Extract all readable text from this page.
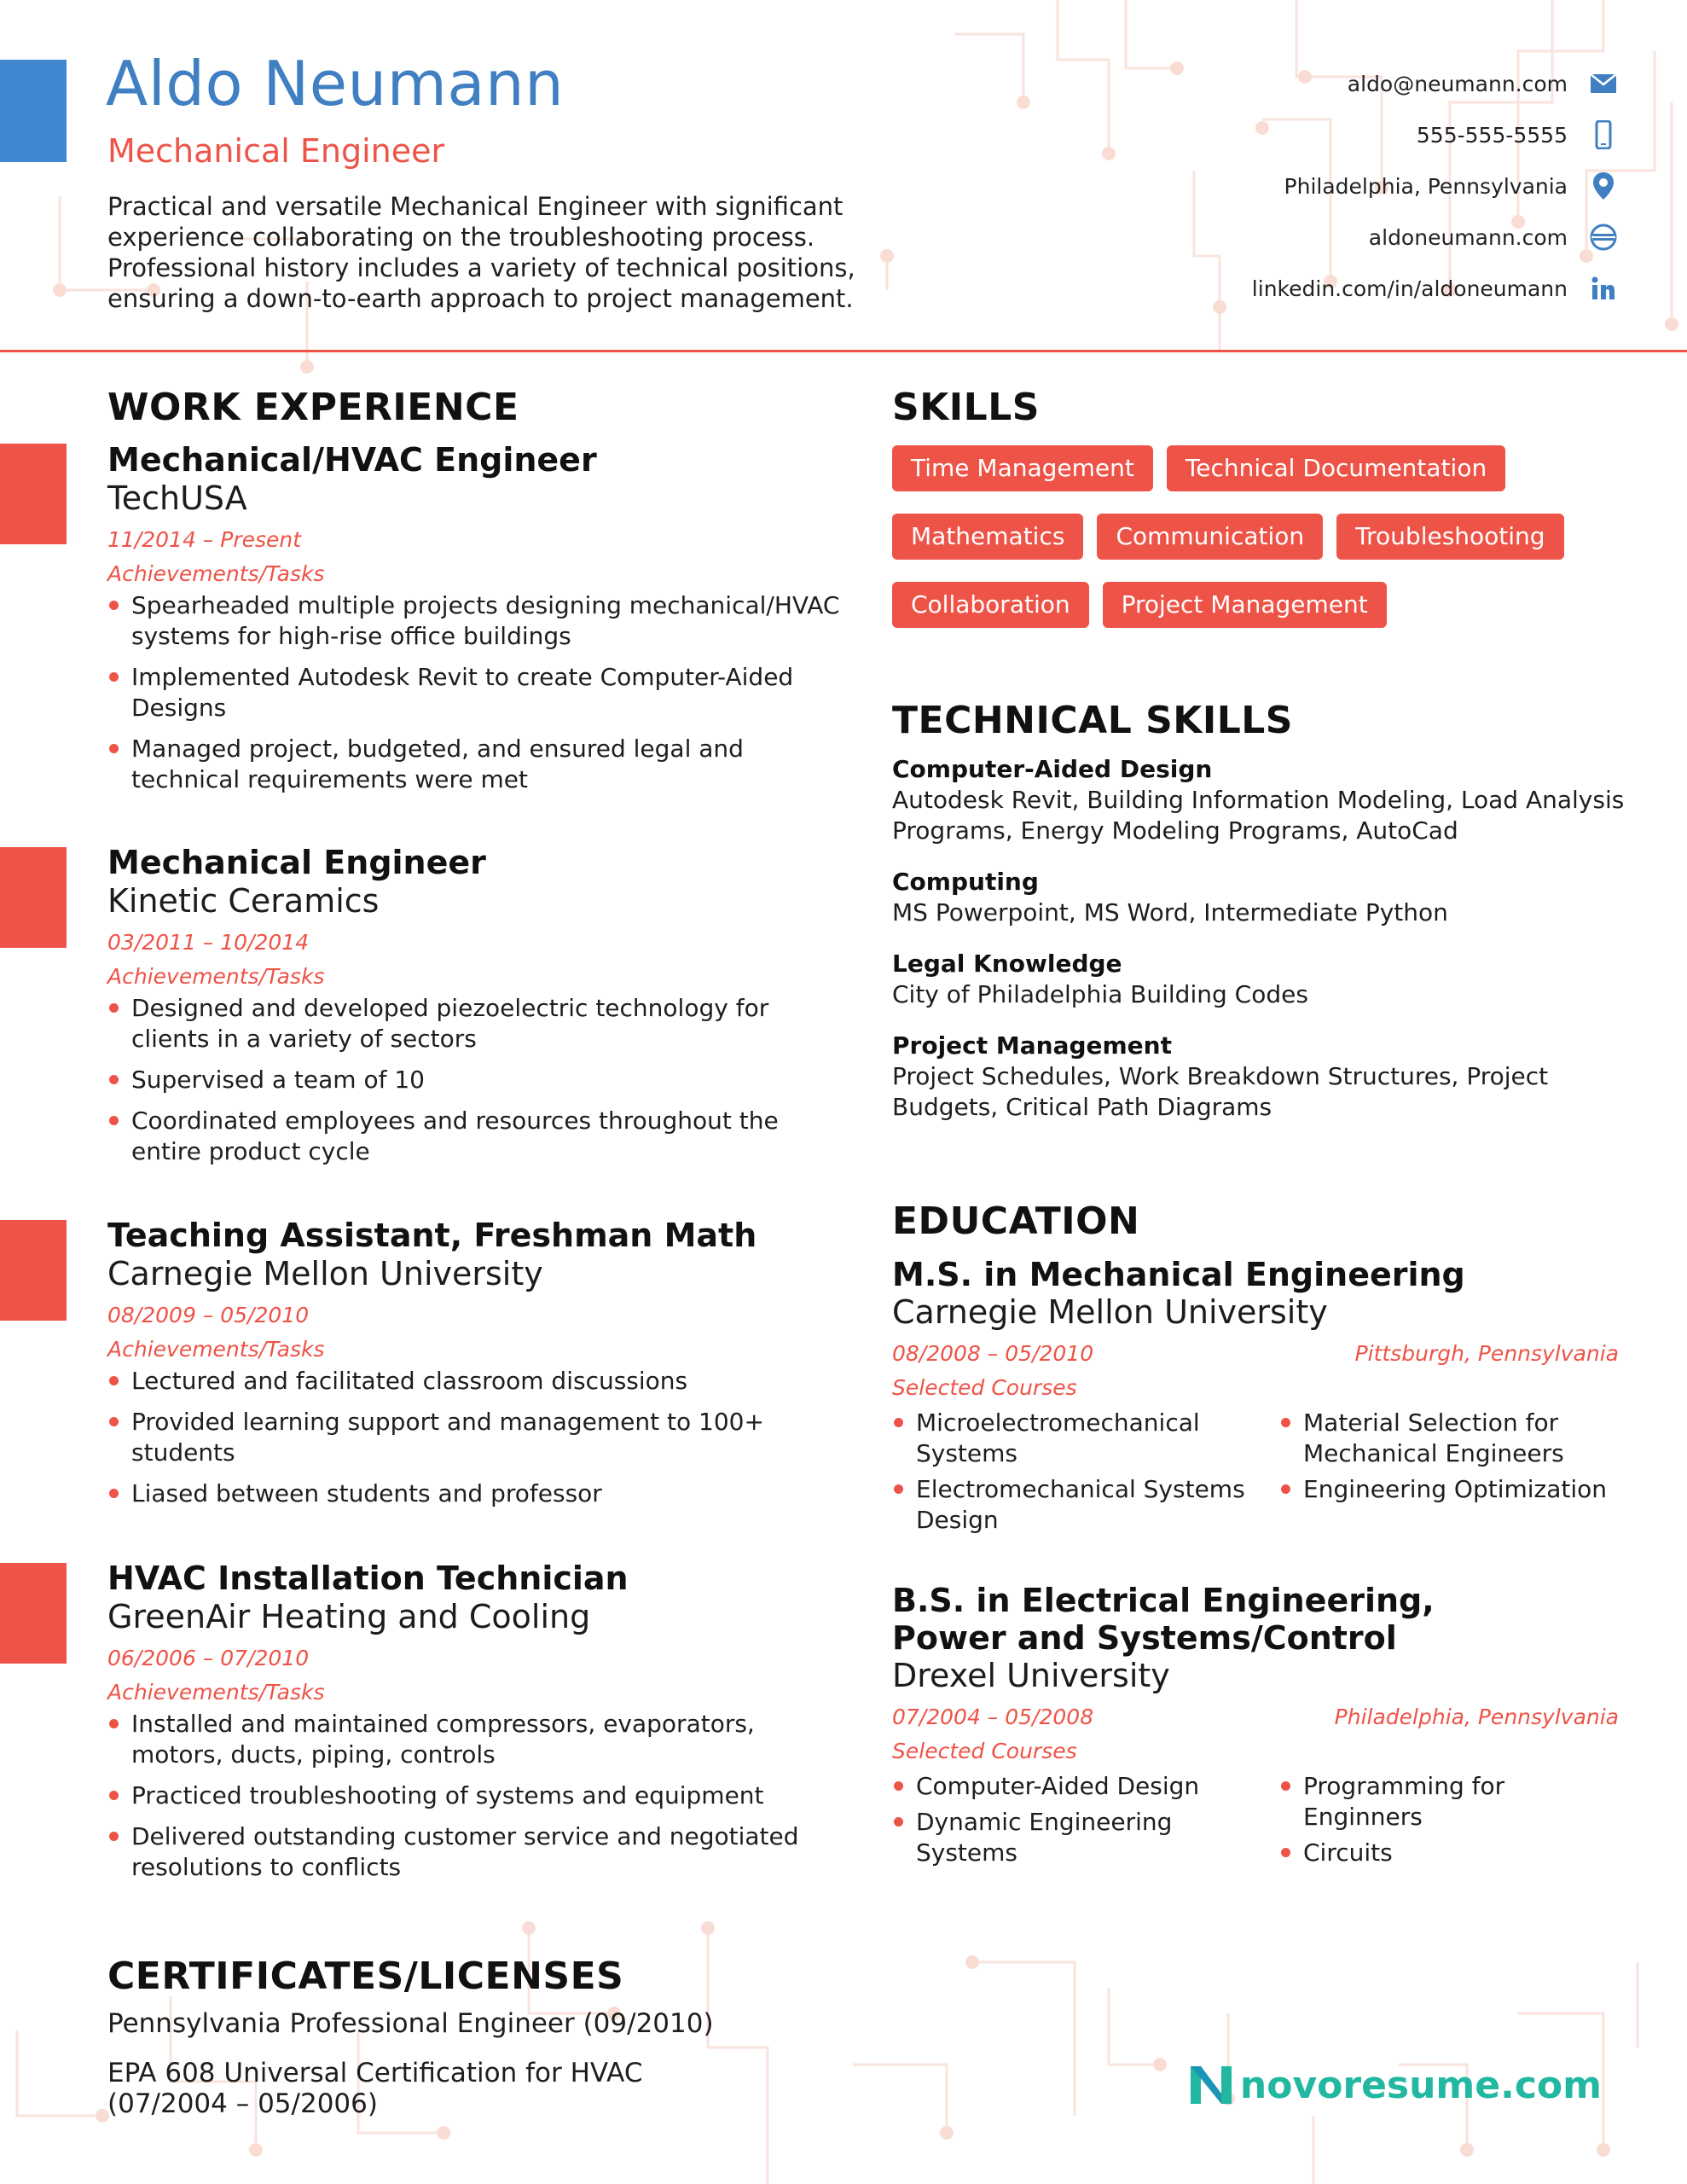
Aldo Neumann
Mechanical Engineer
Practical and versatile Mechanical Engineer with significant experience collaborating on the troubleshooting process. Professional history includes a variety of technical positions, ensuring a down-to-earth approach to project management.
aldo@neumann.com
555-555-5555
Philadelphia, Pennsylvania
aldoneumann.com
linkedin.com/in/aldoneumann
WORK EXPERIENCE
Mechanical/HVAC Engineer
TechUSA
11/2014 – Present
Achievements/Tasks
Spearheaded multiple projects designing mechanical/HVAC systems for high-rise office buildings
Implemented Autodesk Revit to create Computer-Aided Designs
Managed project, budgeted, and ensured legal and technical requirements were met
Mechanical Engineer
Kinetic Ceramics
03/2011 – 10/2014
Achievements/Tasks
Designed and developed piezoelectric technology for clients in a variety of sectors
Supervised a team of 10
Coordinated employees and resources throughout the entire product cycle
Teaching Assistant, Freshman Math
Carnegie Mellon University
08/2009 – 05/2010
Achievements/Tasks
Lectured and facilitated classroom discussions
Provided learning support and management to 100+ students
Liased between students and professor
HVAC Installation Technician
GreenAir Heating and Cooling
06/2006 – 07/2010
Achievements/Tasks
Installed and maintained compressors, evaporators, motors, ducts, piping, controls
Practiced troubleshooting of systems and equipment
Delivered outstanding customer service and negotiated resolutions to conflicts
SKILLS
Time Management	Technical Documentation
Mathematics	Communication	Troubleshooting
Collaboration	Project Management
TECHNICAL SKILLS
Computer-Aided Design
Autodesk Revit, Building Information Modeling, Load Analysis Programs, Energy Modeling Programs, AutoCad
Computing
MS Powerpoint, MS Word, Intermediate Python
Legal Knowledge
City of Philadelphia Building Codes
Project Management
Project Schedules, Work Breakdown Structures, Project Budgets, Critical Path Diagrams
EDUCATION
M.S. in Mechanical Engineering
Carnegie Mellon University
08/2008 – 05/2010	Pittsburgh, Pennsylvania
Selected Courses
Microelectromechanical Systems
Electromechanical Systems Design
Material Selection for Mechanical Engineers
Engineering Optimization
B.S. in Electrical Engineering, Power and Systems/Control
Drexel University
07/2004 – 05/2008	Philadelphia, Pennsylvania
Selected Courses
Computer-Aided Design
Dynamic Engineering Systems
Programming for Enginners
Circuits
CERTIFICATES/LICENSES
Pennsylvania Professional Engineer (09/2010)
EPA 608 Universal Certification for HVAC (07/2004 – 05/2006)	novoresume.com
